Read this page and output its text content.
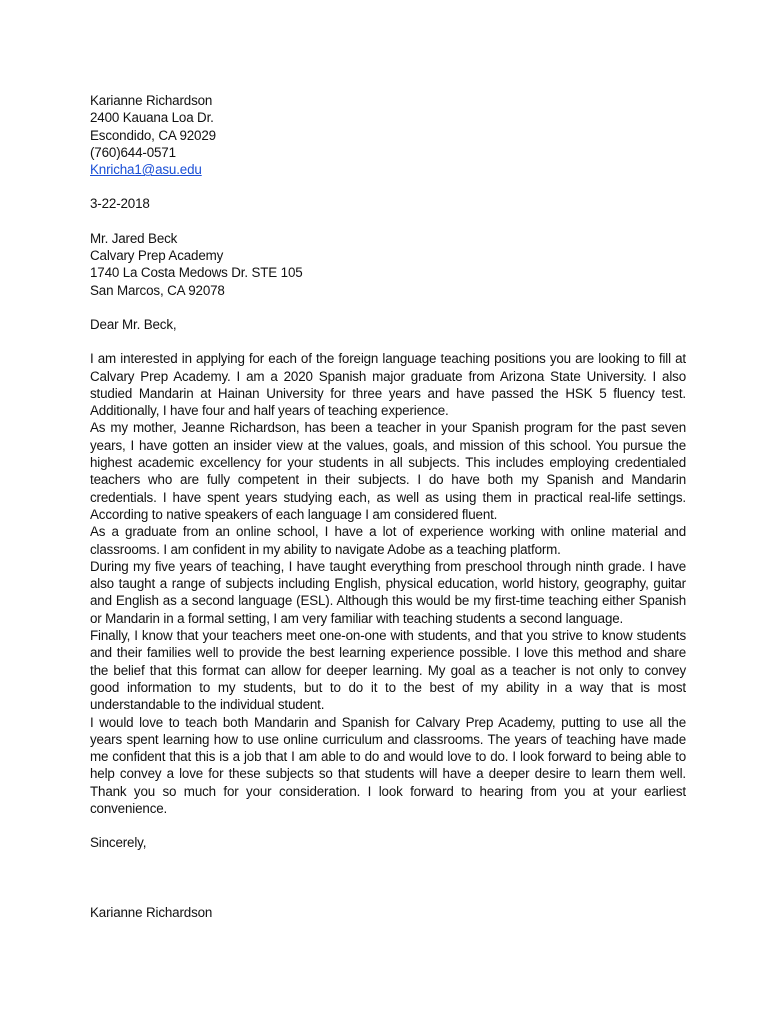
Karianne Richardson
2400 Kauana Loa Dr.
Escondido, CA 92029
(760)644-0571
Knricha1@asu.edu
3-22-2018
Mr. Jared Beck
Calvary Prep Academy
1740 La Costa Medows Dr. STE 105
San Marcos, CA 92078
Dear Mr. Beck,

I am interested in applying for each of the foreign language teaching positions you are looking to fill at Calvary Prep Academy. I am a 2020 Spanish major graduate from Arizona State University. I also studied Mandarin at Hainan University for three years and have passed the HSK 5 fluency test. Additionally, I have four and half years of teaching experience.

As my mother, Jeanne Richardson, has been a teacher in your Spanish program for the past seven years, I have gotten an insider view at the values, goals, and mission of this school. You pursue the highest academic excellency for your students in all subjects. This includes employing credentialed teachers who are fully competent in their subjects. I do have both my Spanish and Mandarin credentials. I have spent years studying each, as well as using them in practical real-life settings. According to native speakers of each language I am considered fluent.

As a graduate from an online school, I have a lot of experience working with online material and classrooms. I am confident in my ability to navigate Adobe as a teaching platform.

During my five years of teaching, I have taught everything from preschool through ninth grade. I have also taught a range of subjects including English, physical education, world history, geography, guitar and English as a second language (ESL). Although this would be my first-time teaching either Spanish or Mandarin in a formal setting, I am very familiar with teaching students a second language.

Finally, I know that your teachers meet one-on-one with students, and that you strive to know students and their families well to provide the best learning experience possible. I love this method and share the belief that this format can allow for deeper learning. My goal as a teacher is not only to convey good information to my students, but to do it to the best of my ability in a way that is most understandable to the individual student.

I would love to teach both Mandarin and Spanish for Calvary Prep Academy, putting to use all the years spent learning how to use online curriculum and classrooms. The years of teaching have made me confident that this is a job that I am able to do and would love to do. I look forward to being able to help convey a love for these subjects so that students will have a deeper desire to learn them well. Thank you so much for your consideration. I look forward to hearing from you at your earliest convenience.

Sincerely,
Karianne Richardson
